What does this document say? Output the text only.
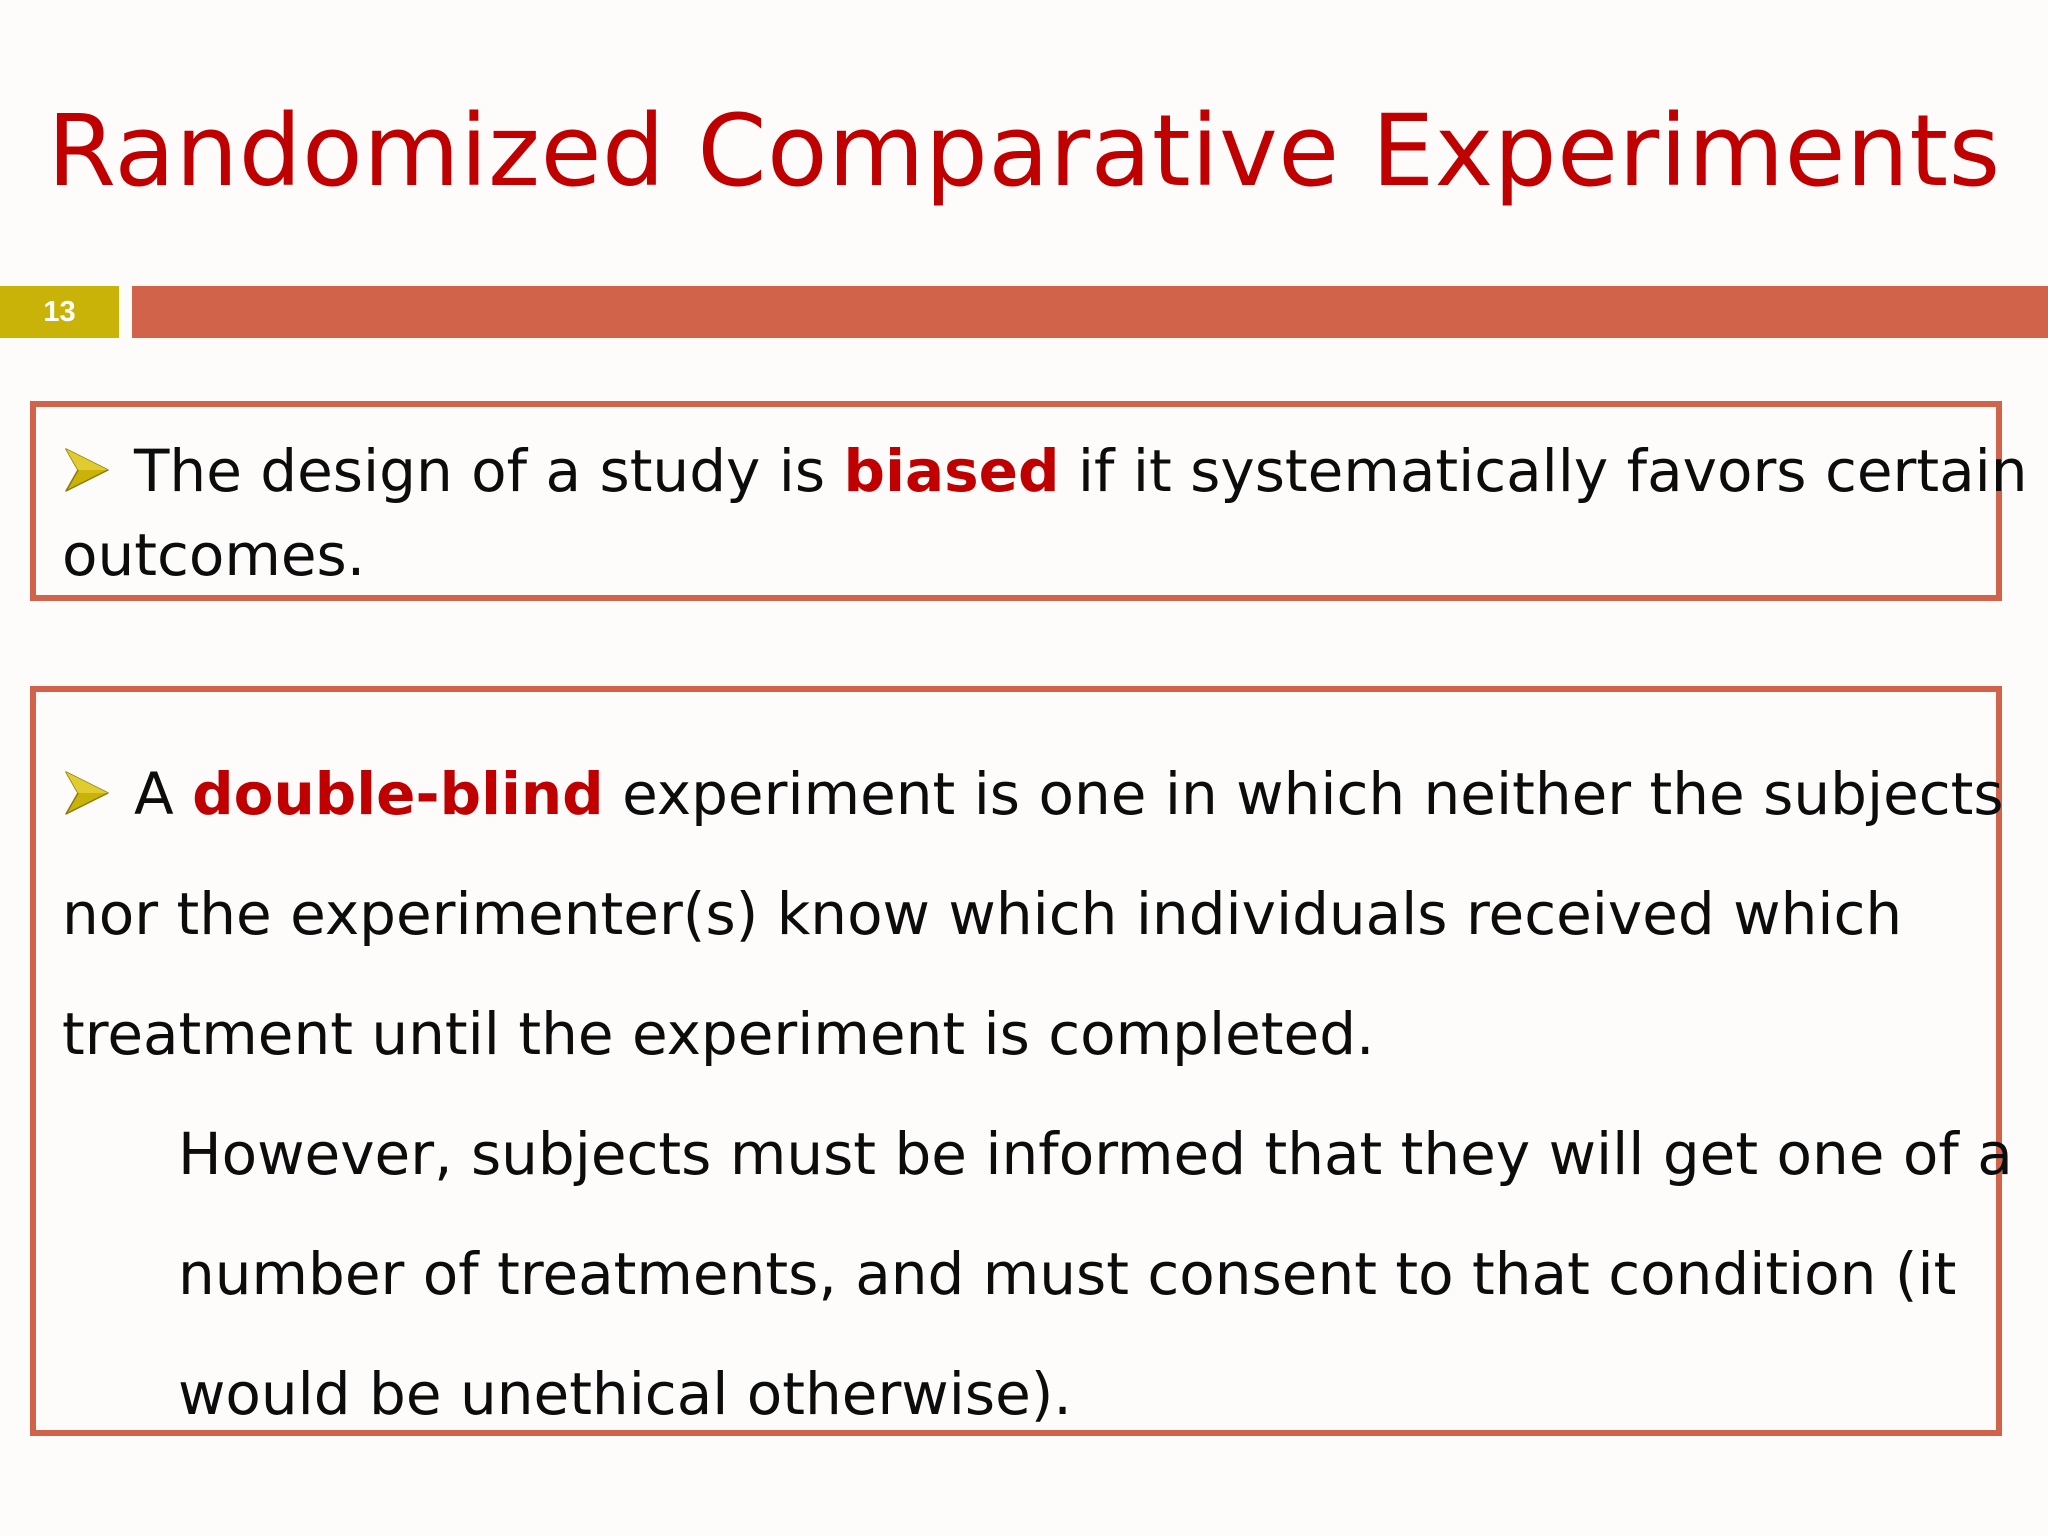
Randomized Comparative Experiments
13
The design of a study is biased if it systematically favors certain
outcomes.
A double-blind experiment is one in which neither the subjects
nor the experimenter(s) know which individuals received which
treatment until the experiment is completed.
However, subjects must be informed that they will get one of a
number of treatments, and must consent to that condition (it
would be unethical otherwise).
